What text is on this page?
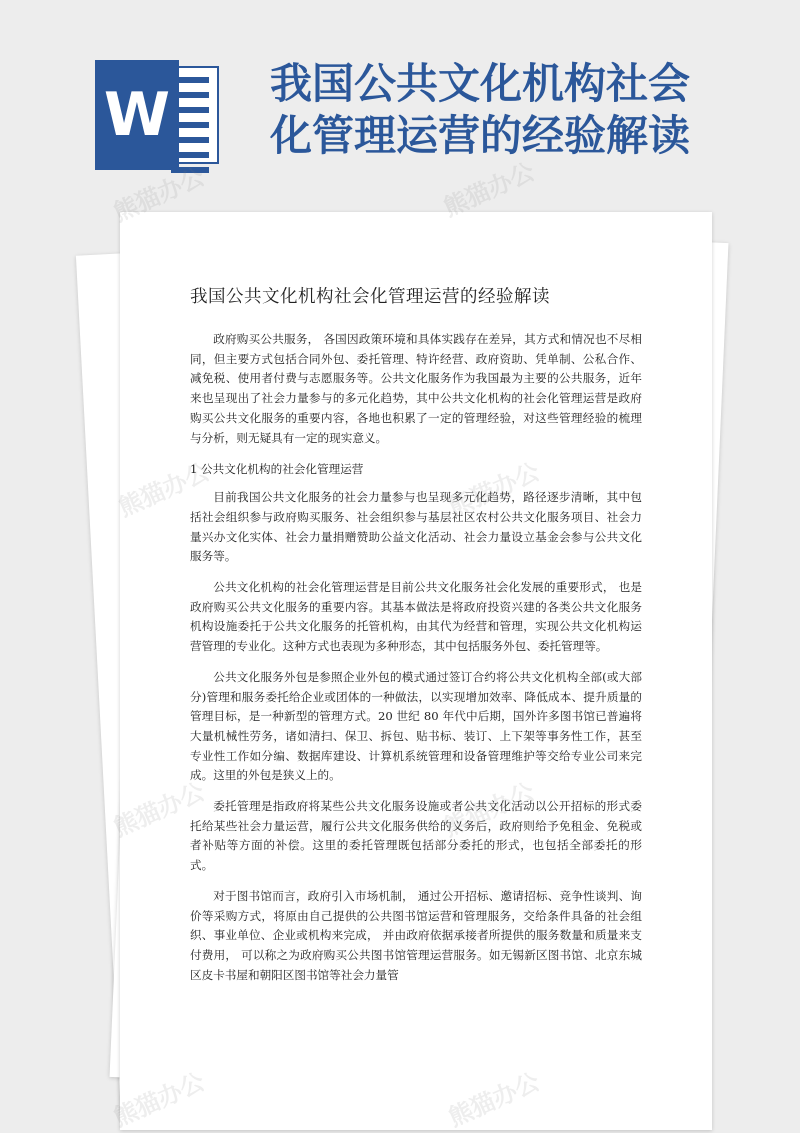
W 我国公共文化机构社会化管理运营的经验解读
我国公共文化机构社会化管理运营的经验解读

政府购买公共服务， 各国因政策环境和具体实践存在差异，其方式和情况也不尽相同，但主要方式包括合同外包、委托管理、特许经营、政府资助、凭单制、公私合作、减免税、使用者付费与志愿服务等。公共文化服务作为我国最为主要的公共服务，近年来也呈现出了社会力量参与的多元化趋势，其中公共文化机构的社会化管理运营是政府购买公共文化服务的重要内容，各地也积累了一定的管理经验，对这些管理经验的梳理与分析，则无疑具有一定的现实意义。

1 公共文化机构的社会化管理运营

目前我国公共文化服务的社会力量参与也呈现多元化趋势，路径逐步清晰，其中包括社会组织参与政府购买服务、社会组织参与基层社区农村公共文化服务项目、社会力量兴办文化实体、社会力量捐赠赞助公益文化活动、社会力量设立基金会参与公共文化服务等。

公共文化机构的社会化管理运营是目前公共文化服务社会化发展的重要形式， 也是政府购买公共文化服务的重要内容。其基本做法是将政府投资兴建的各类公共文化服务机构设施委托于公共文化服务的托管机构，由其代为经营和管理，实现公共文化机构运营管理的专业化。这种方式也表现为多种形态，其中包括服务外包、委托管理等。

公共文化服务外包是参照企业外包的模式通过签订合约将公共文化机构全部(或大部分)管理和服务委托给企业或团体的一种做法，以实现增加效率、降低成本、提升质量的管理目标，是一种新型的管理方式。20 世纪 80 年代中后期，国外许多图书馆已普遍将大量机械性劳务，诸如清扫、保卫、拆包、贴书标、装订、上下架等事务性工作，甚至专业性工作如分编、数据库建设、计算机系统管理和设备管理维护等交给专业公司来完成。这里的外包是狭义上的。

委托管理是指政府将某些公共文化服务设施或者公共文化活动以公开招标的形式委托给某些社会力量运营，履行公共文化服务供给的义务后，政府则给予免租金、免税或者补贴等方面的补偿。这里的委托管理既包括部分委托的形式，也包括全部委托的形式。

对于图书馆而言，政府引入市场机制， 通过公开招标、邀请招标、竞争性谈判、询价等采购方式，将原由自己提供的公共图书馆运营和管理服务，交给条件具备的社会组织、事业单位、企业或机构来完成， 并由政府依据承接者所提供的服务数量和质量来支付费用， 可以称之为政府购买公共图书馆管理运营服务。如无锡新区图书馆、北京东城区皮卡书屋和朝阳区图书馆等社会力量管

熊猫办公	熊猫办公
